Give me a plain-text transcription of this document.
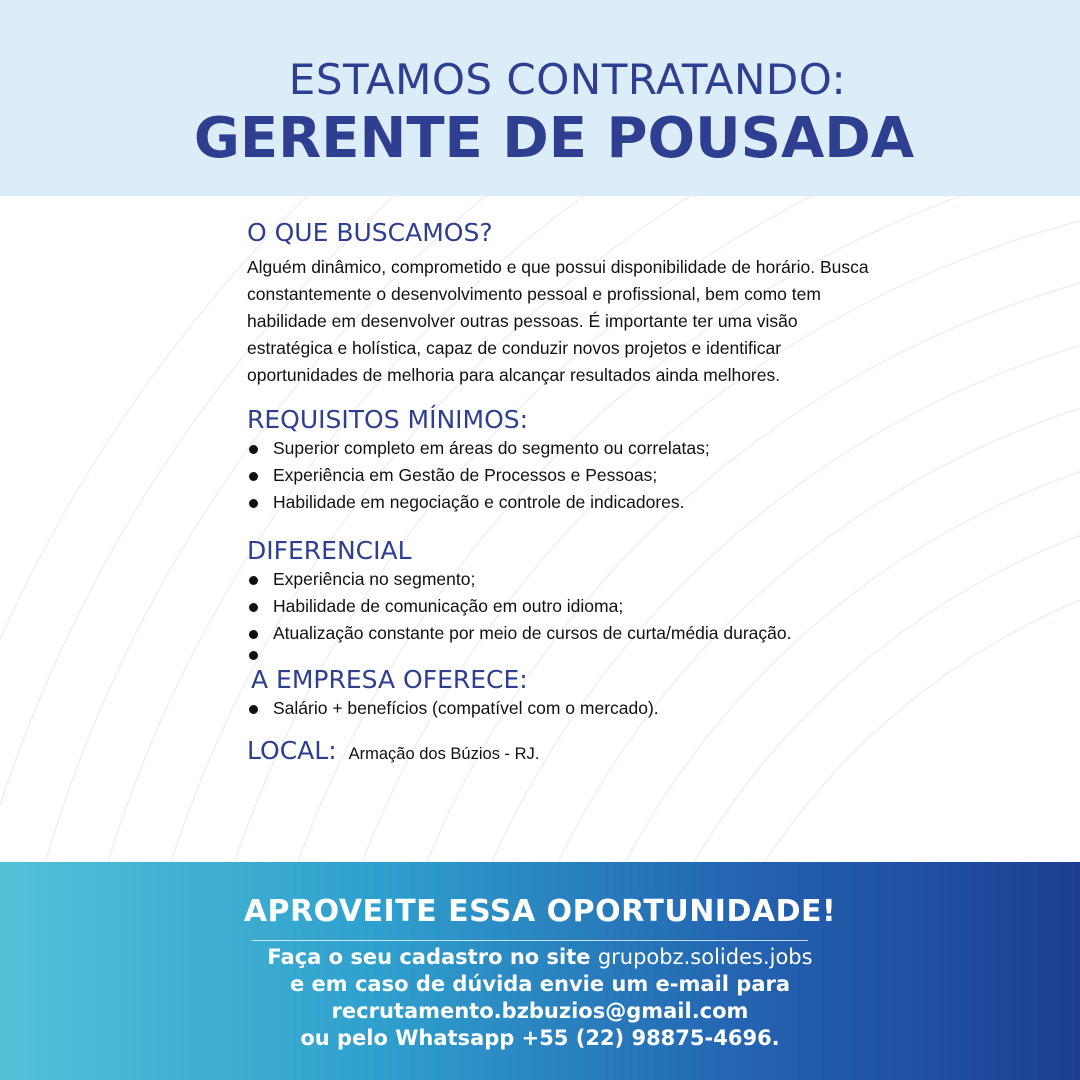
ESTAMOS CONTRATANDO:
GERENTE DE POUSADA
O QUE BUSCAMOS?

Alguém dinâmico, comprometido e que possui disponibilidade de horário. Busca constantemente o desenvolvimento pessoal e profissional, bem como tem habilidade em desenvolver outras pessoas. É importante ter uma visão estratégica e holística, capaz de conduzir novos projetos e identificar oportunidades de melhoria para alcançar resultados ainda melhores.

REQUISITOS MÍNIMOS:
Superior completo em áreas do segmento ou correlatas;
Experiência em Gestão de Processos e Pessoas;
Habilidade em negociação e controle de indicadores.
DIFERENCIAL
Experiência no segmento;
Habilidade de comunicação em outro idioma;
Atualização constante por meio de cursos de curta/média duração.
A EMPRESA OFERECE:
Salário + benefícios (compatível com o mercado).
LOCAL: Armação dos Búzios - RJ.
APROVEITE ESSA OPORTUNIDADE!
Faça o seu cadastro no site grupobz.solides.jobs
e em caso de dúvida envie um e-mail para
recrutamento.bzbuzios@gmail.com
ou pelo Whatsapp +55 (22) 98875-4696.
